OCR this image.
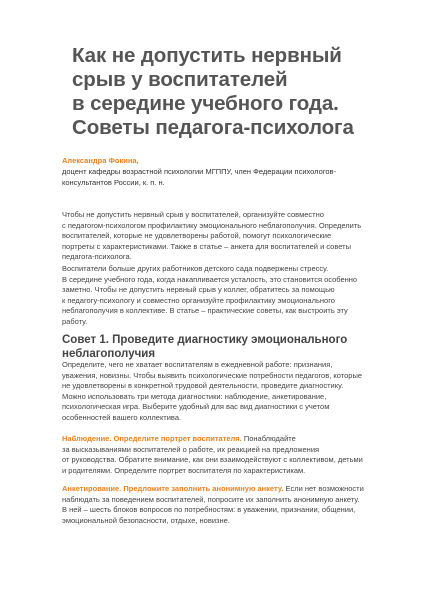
Как не допустить нервный
срыв у воспитателей
в середине учебного года.
Советы педагога-психолога
Александра Фокина,
доцент кафедры возрастной психологии МГППУ, член Федерации психологов-
консультантов России, к. п. н.

Чтобы не допустить нервный срыв у воспитателей, организуйте совместно
с педагогом-психологом профилактику эмоционального неблагополучия. Определить
воспитателей, которые не удовлетворены работой, помогут психологические
портреты с характеристиками. Также в статье – анкета для воспитателей и советы
педагога-психолога.

Воспитатели больше других работников детского сада подвержены стрессу.
В середине учебного года, когда накапливается усталость, это становится особенно
заметно. Чтобы не допустить нервный срыв у коллег, обратитесь за помощью
к педагогу-психологу и совместно организуйте профилактику эмоционального
неблагополучия в коллективе. В статье – практические советы, как выстроить эту
работу.

Совет 1. Проведите диагностику эмоционального
неблагополучия

Определите, чего не хватает воспитателям в ежедневной работе: признания,
уважения, новизны. Чтобы выявить психологические потребности педагогов, которые
не удовлетворены в конкретной трудовой деятельности, проведите диагностику.
Можно использовать три метода диагностики: наблюдение, анкетирование,
психологическая игра. Выберите удобный для вас вид диагностики с учетом
особенностей вашего коллектива.

Наблюдение. Определите портрет воспитателя. Понаблюдайте
за высказываниями воспитателей о работе, их реакцией на предложения
от руководства. Обратите внимание, как они взаимодействуют с коллективом, детьми
и родителями. Определите портрет воспитателя по характеристикам.

Анкетирование. Предложите заполнить анонимную анкету. Если нет возможности
наблюдать за поведением воспитателей, попросите их заполнить анонимную анкету.
В ней – шесть блоков вопросов по потребностям: в уважении, признании, общении,
эмоциональной безопасности, отдыхе, новизне.
